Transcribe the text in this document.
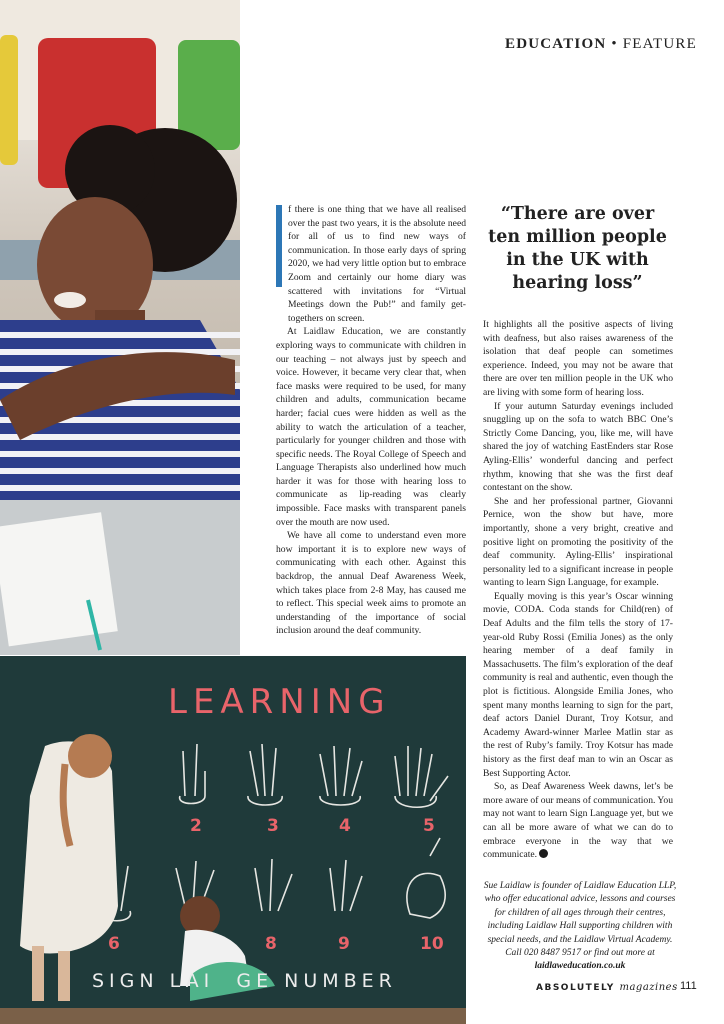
LEARNING
2	3	4	5
6	8	9	10
SIGN LAI  GE NUMBER
EDUCATION • FEATURE

f there is one thing that we have all realised over the past two years, it is the absolute need for all of us to find new ways of communication. In those early days of spring 2020, we had very little option but to embrace Zoom and certainly our home diary was scattered with invitations for “Virtual Meetings down the Pub!” and family get-togethers on screen.

At Laidlaw Education, we are constantly exploring ways to communicate with children in our teaching – not always just by speech and voice. However, it became very clear that, when face masks were required to be used, for many children and adults, communication became harder; facial cues were hidden as well as the ability to watch the articulation of a teacher, particularly for younger children and those with specific needs. The Royal College of Speech and Language Therapists also underlined how much harder it was for those with hearing loss to communicate as lip-reading was clearly impossible. Face masks with transparent panels over the mouth are now used.

We have all come to understand even more how important it is to explore new ways of communicating with each other. Against this backdrop, the annual Deaf Awareness Week, which takes place from 2-8 May, has caused me to reflect. This special week aims to promote an understanding of the importance of social inclusion around the deaf community.

“There are over ten million people in the UK with hearing loss”

It highlights all the positive aspects of living with deafness, but also raises awareness of the isolation that deaf people can sometimes experience. Indeed, you may not be aware that there are over ten million people in the UK who are living with some form of hearing loss.

If your autumn Saturday evenings included snuggling up on the sofa to watch BBC One’s Strictly Come Dancing, you, like me, will have shared the joy of watching EastEnders star Rose Ayling-Ellis’ wonderful dancing and perfect rhythm, knowing that she was the first deaf contestant on the show.

She and her professional partner, Giovanni Pernice, won the show but have, more importantly, shone a very bright, creative and positive light on promoting the positivity of the deaf community. Ayling-Ellis’ inspirational personality led to a significant increase in people wanting to learn Sign Language, for example.

Equally moving is this year’s Oscar winning movie, CODA. Coda stands for Child(ren) of Deaf Adults and the film tells the story of 17-year-old Ruby Rossi (Emilia Jones) as the only hearing member of a deaf family in Massachusetts. The film’s exploration of the deaf community is real and authentic, even though the plot is fictitious. Alongside Emilia Jones, who spent many months learning to sign for the part, deaf actors Daniel Durant, Troy Kotsur, and Academy Award-winner Marlee Matlin star as the rest of Ruby’s family. Troy Kotsur has made history as the first deaf man to win an Oscar as Best Supporting Actor.

So, as Deaf Awareness Week dawns, let’s be more aware of our means of communication. You may not want to learn Sign Language yet, but we can all be more aware of what we can do to embrace everyone in the way that we communicate.

Sue Laidlaw is founder of Laidlaw Education LLP, who offer educational advice, lessons and courses for children of all ages through their centres, including Laidlaw Hall supporting children with special needs, and the Laidlaw Virtual Academy. Call 020 8487 9517 or find out more at laidlaweducation.co.uk
ABSOLUTELY magazines 111
